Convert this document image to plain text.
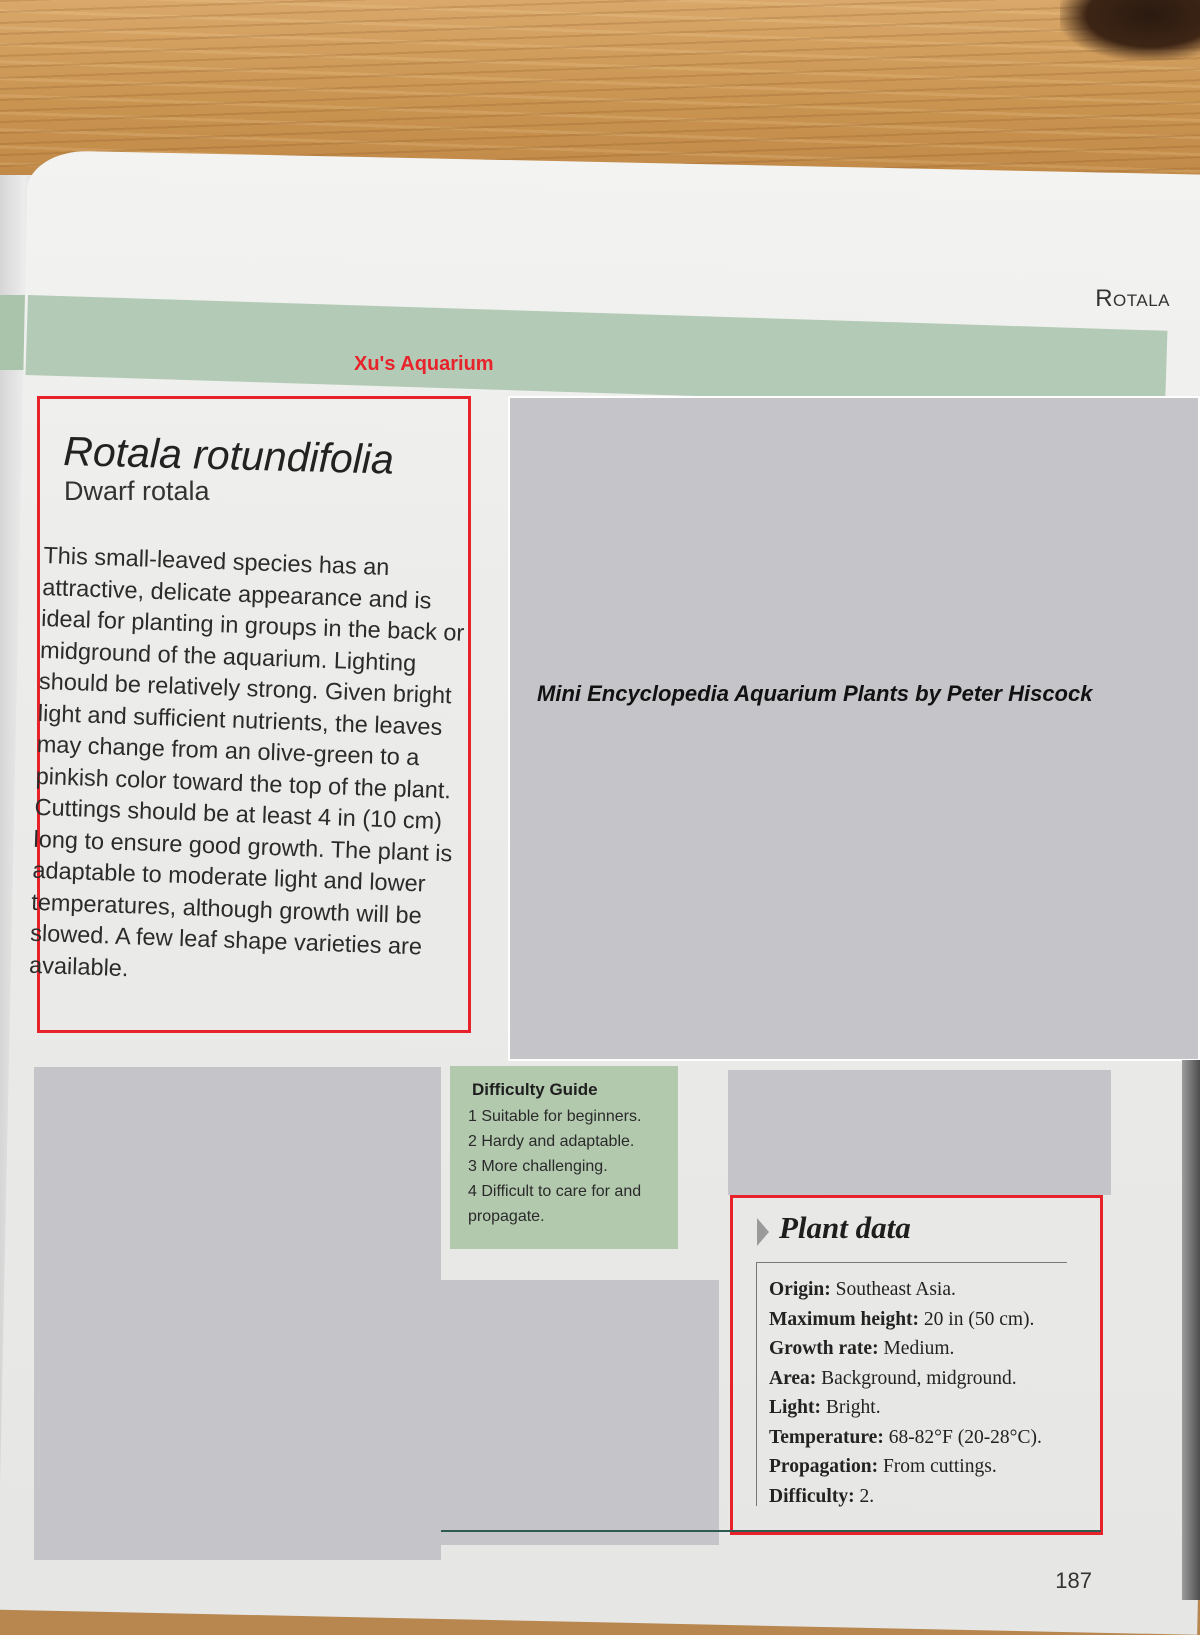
Rotala
Xu's Aquarium
Rotala rotundifolia
Dwarf rotala
This small-leaved species has an attractive, delicate appearance and is ideal for planting in groups in the back or midground of the aquarium. Lighting should be relatively strong. Given bright light and sufficient nutrients, the leaves may change from an olive-green to a pinkish color toward the top of the plant. Cuttings should be at least 4 in (10 cm) long to ensure good growth. The plant is adaptable to moderate light and lower temperatures, although growth will be slowed. A few leaf shape varieties are available.
Mini Encyclopedia Aquarium Plants by Peter Hiscock
Difficulty Guide
1 Suitable for beginners.
2 Hardy and adaptable.
3 More challenging.
4 Difficult to care for and propagate.	Plant data
Origin: Southeast Asia.
Maximum height: 20 in (50 cm).
Growth rate: Medium.
Area: Background, midground.
Light: Bright.
Temperature: 68-82°F (20-28°C).
Propagation: From cuttings.
Difficulty: 2.
187
